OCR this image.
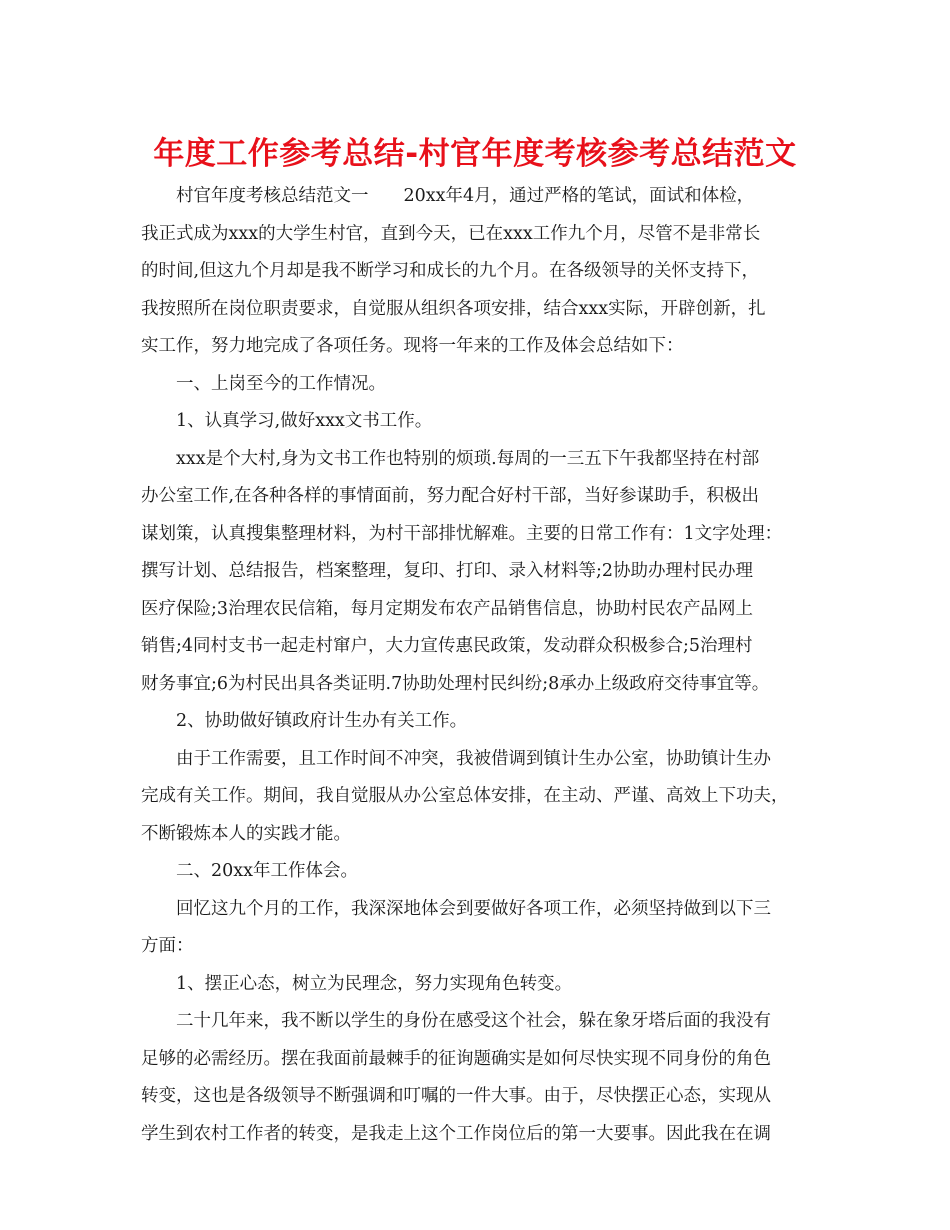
年度工作参考总结-村官年度考核参考总结范文
村官年度考核总结范文一　　20xx年4月，通过严格的笔试，面试和体检，
我正式成为xxx的大学生村官，直到今天，已在xxx工作九个月，尽管不是非常长
的时间,但这九个月却是我不断学习和成长的九个月。在各级领导的关怀支持下，
我按照所在岗位职责要求，自觉服从组织各项安排，结合xxx实际，开辟创新，扎
实工作，努力地完成了各项任务。现将一年来的工作及体会总结如下：
一、上岗至今的工作情况。
1、认真学习,做好xxx文书工作。
xxx是个大村,身为文书工作也特别的烦琐.每周的一三五下午我都坚持在村部
办公室工作,在各种各样的事情面前，努力配合好村干部，当好参谋助手，积极出
谋划策，认真搜集整理材料，为村干部排忧解难。主要的日常工作有：1文字处理：
撰写计划、总结报告，档案整理，复印、打印、录入材料等;2协助办理村民办理
医疗保险;3治理农民信箱，每月定期发布农产品销售信息，协助村民农产品网上
销售;4同村支书一起走村窜户，大力宣传惠民政策，发动群众积极参合;5治理村
财务事宜;6为村民出具各类证明.7协助处理村民纠纷;8承办上级政府交待事宜等。
2、协助做好镇政府计生办有关工作。
由于工作需要，且工作时间不冲突，我被借调到镇计生办公室，协助镇计生办
完成有关工作。期间，我自觉服从办公室总体安排，在主动、严谨、高效上下功夫，
不断锻炼本人的实践才能。
二、20xx年工作体会。
回忆这九个月的工作，我深深地体会到要做好各项工作，必须坚持做到以下三
方面：
1、摆正心态，树立为民理念，努力实现角色转变。
二十几年来，我不断以学生的身份在感受这个社会，躲在象牙塔后面的我没有
足够的必需经历。摆在我面前最棘手的征询题确实是如何尽快实现不同身份的角色
转变，这也是各级领导不断强调和叮嘱的一件大事。由于，尽快摆正心态，实现从
学生到农村工作者的转变，是我走上这个工作岗位后的第一大要事。因此我在在调
